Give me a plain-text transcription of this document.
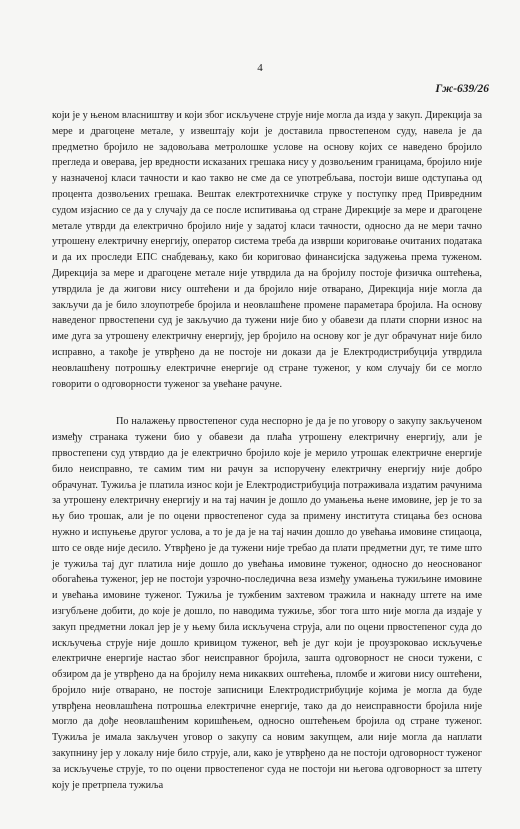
4
Гж-639/26

који је у њеном власништву и који због искључене струје није могла да изда у закуп. Дирекција за мере и драгоцене метале, у извештају који је доставила првостепеном суду, навела је да предметно бројило не задовољава метролошке услове на основу којих се наведено бројило прегледа и оверава, јер вредности исказаних грешака нису у дозвољеним границама, бројило није у назначеној класи тачности и као такво не сме да се употребљава, постоји више одступања од процента дозвољених грешака. Вештак електротехничке струке у поступку пред Привредним судом изјаснио се да у случају да се после испитивања од стране Дирекције за мере и драгоцене метале утврди да електрично бројило није у задатој класи тачности, односно да не мери тачно утрошену електричну енергију, оператор система треба да изврши кориговање очитаних података и да их проследи ЕПС снабдевању, како би кориговао финансијска задужења према туженом. Дирекција за мере и драгоцене метале није утврдила да на бројилу постоје физичка оштећења, утврдила је да жигови нису оштећени и да бројило није отварано, Дирекција није могла да закључи да је било злоупотребе бројила и неовлашћене промене параметара бројила. На основу наведеног првостепени суд је закључио да тужени није био у обавези да плати спорни износ на име дуга за утрошену електричну енергију, јер бројило на основу ког је дуг обрачунат није било исправно, а такође је утврђено да не постоје ни докази да је Електродистрибуција утврдила неовлашћену потрошњу електричне енергије од стране туженог, у ком случају би се могло говорити о одговорности туженог за увећане рачуне.

По налажењу првостепеног суда неспорно је да је по уговору о закупу закљученом између странака тужени био у обавези да плаћа утрошену електричну енергију, али је првостепени суд утврдио да је електрично бројило које је мерило утрошак електричне енергије било неисправно, те самим тим ни рачун за испоручену електричну енергију није добро обрачунат. Тужиља је платила износ који је Електродистрибуција потраживала издатим рачунима за утрошену електричну енергију и на тај начин је дошло до умањења њене имовине, јер је то за њу био трошак, али је по оцени првостепеног суда за примену института стицања без основа нужно и испуњење другог услова, а то је да је на тај начин дошло до увећања имовине стицаоца, што се овде није десило. Утврђено је да тужени није требао да плати предметни дуг, те тиме што је тужиља тај дуг платила није дошло до увећања имовине туженог, односно до неоснованог обогаћења туженог, јер не постоји узрочно-последична веза између умањења тужиљине имовине и увећања имовине туженог. Тужиља је тужбеним захтевом тражила и накнаду штете на име изгубљене добити, до које је дошло, по наводима тужиље, због тога што није могла да издаје у закуп предметни локал јер је у њему била искључена струја, али по оцени првостепеног суда до искључења струје није дошло кривицом туженог, већ је дуг који је проузроковао искључење електричне енергије настао због неисправног бројила, зашта одговорност не сноси тужени, с обзиром да је утврђено да на бројилу нема никаквих оштећења, пломбе и жигови нису оштећени, бројило није отварано, не постоје записници Електродистрибуције којима је могла да буде утврђена неовлашћена потрошња електричне енергије, тако да до неисправности бројила није могло да дође неовлашћеним коришћењем, односно оштећењем бројила од стране туженог. Тужиља је имала закључен уговор о закупу са новим закупцем, али није могла да наплати закупнину јер у локалу није било струје, али, како је утврђено да не постоји одговорност туженог за искључење струје, то по оцени првостепеног суда не постоји ни његова одговорност за штету коју је претрпела тужиља
